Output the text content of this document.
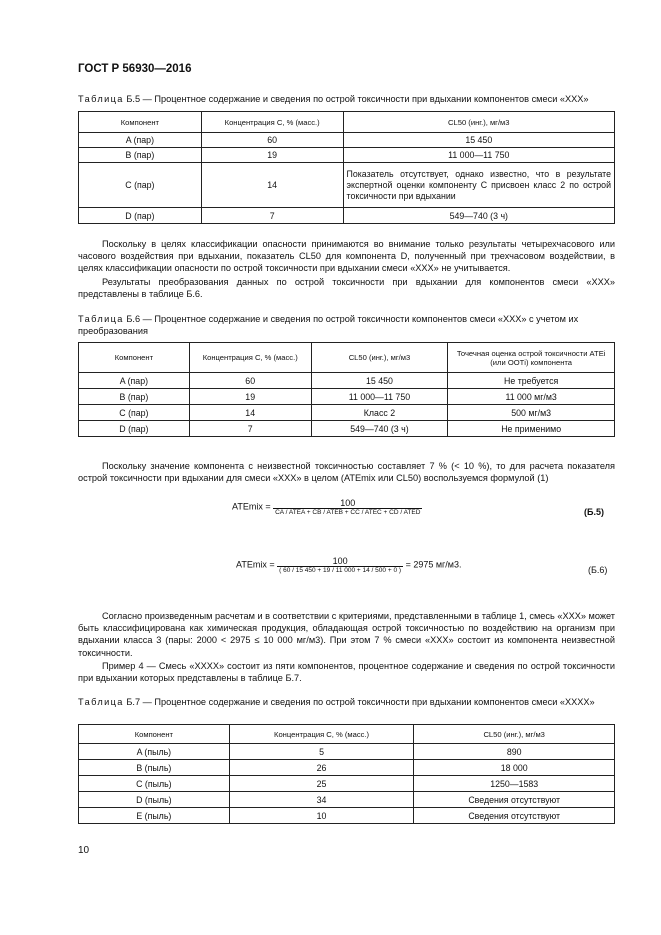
ГОСТ Р 56930—2016
Таблица Б.5 — Процентное содержание и сведения по острой токсичности при вдыхании компонентов смеси «XXX»
Компонент	Концентрация C, % (масс.)	CL50 (инг.), мг/м3
A (пар)	60	15 450
B (пар)	19	11 000—11 750
C (пар)	14	Показатель отсутствует, однако известно, что в результате экспертной оценки компоненту C присвоен класс 2 по острой токсичности при вдыхании
D (пар)	7	549—740 (3 ч)
Поскольку в целях классификации опасности принимаются во внимание только результаты четырехчасового или часового воздействия при вдыхании, показатель CL50 для компонента D, полученный при трехчасовом воздействии, в целях классификации опасности по острой токсичности при вдыхании смеси «XXX» не учитывается.
Результаты преобразования данных по острой токсичности при вдыхании для компонентов смеси «XXX» представлены в таблице Б.6.
Таблица Б.6 — Процентное содержание и сведения по острой токсичности компонентов смеси «XXX» с учетом их преобразования
Компонент	Концентрация C, % (масс.)	CL50 (инг.), мг/м3	Точечная оценка острой токсичности ATEi (или ООТi) компонента
A (пар)	60	15 450	Не требуется
B (пар)	19	11 000—11 750	11 000 мг/м3
C (пар)	14	Класс 2	500 мг/м3
D (пар)	7	549—740 (3 ч)	Не применимо
Поскольку значение компонента с неизвестной токсичностью составляет 7 % (< 10 %), то для расчета показателя острой токсичности при вдыхании для смеси «XXX» в целом (ATEmix или CL50) воспользуемся формулой (1)
ATEmix =	100
CA / ATEA + CB / ATEB + CC / ATEC + CD / ATED	(Б.5)
ATEmix =	100
( 60 / 15 450 + 19 / 11 000 + 14 / 500 + 0 )
= 2975 мг/м3.
(Б.6)
Согласно произведенным расчетам и в соответствии с критериями, представленными в таблице 1, смесь «XXX» может быть классифицирована как химическая продукция, обладающая острой токсичностью по воздействию на организм при вдыхании класса 3 (пары: 2000 < 2975 ≤ 10 000 мг/м3). При этом 7 % смеси «XXX» состоит из компонента неизвестной токсичности.
Пример 4 — Смесь «XXXX» состоит из пяти компонентов, процентное содержание и сведения по острой токсичности при вдыхании которых представлены в таблице Б.7.
Таблица Б.7 — Процентное содержание и сведения по острой токсичности при вдыхании компонентов смеси «XXXX»
Компонент	Концентрация C, % (масс.)	CL50 (инг.), мг/м3
A (пыль)	5	890
B (пыль)	26	18 000
C (пыль)	25	1250—1583
D (пыль)	34	Сведения отсутствуют
E (пыль)	10	Сведения отсутствуют
10
